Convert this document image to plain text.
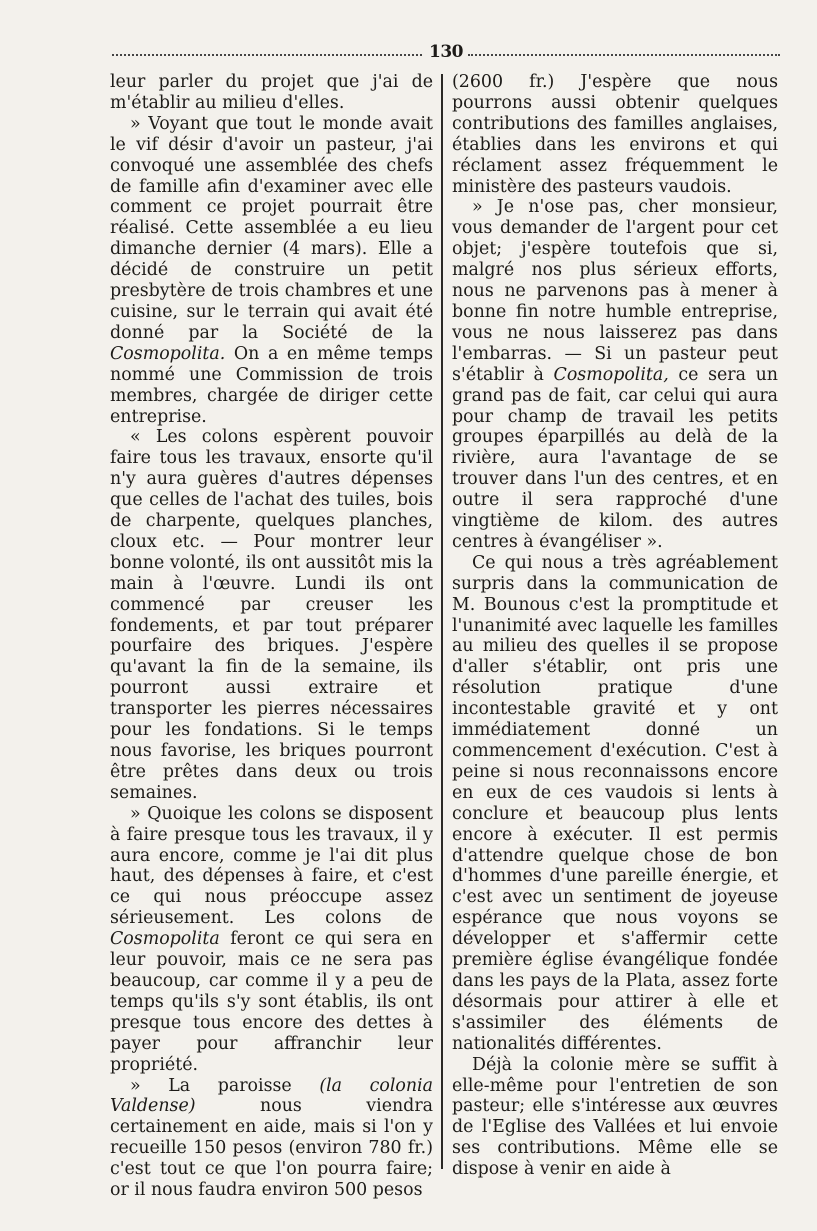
130

leur parler du projet que j'ai de m'établir au milieu d'elles.

» Voyant que tout le monde avait le vif désir d'avoir un pasteur, j'ai convoqué une assemblée des chefs de famille afin d'examiner avec elle comment ce projet pourrait être réalisé. Cette assemblée a eu lieu dimanche dernier (4 mars). Elle a décidé de construire un petit presbytère de trois chambres et une cuisine, sur le terrain qui avait été donné par la Société de la Cosmopolita. On a en même temps nommé une Commission de trois membres, chargée de diriger cette entreprise.

« Les colons espèrent pouvoir faire tous les travaux, ensorte qu'il n'y aura guères d'autres dépenses que celles de l'achat des tuiles, bois de charpente, quelques planches, cloux etc. — Pour montrer leur bonne volonté, ils ont aussitôt mis la main à l'œuvre. Lundi ils ont commencé par creuser les fondements, et par tout préparer pourfaire des briques. J'espère qu'avant la fin de la semaine, ils pourront aussi extraire et transporter les pierres nécessaires pour les fondations. Si le temps nous favorise, les briques pourront être prêtes dans deux ou trois semaines.

» Quoique les colons se disposent à faire presque tous les travaux, il y aura encore, comme je l'ai dit plus haut, des dépenses à faire, et c'est ce qui nous préoccupe assez sérieusement. Les colons de Cosmopolita feront ce qui sera en leur pouvoir, mais ce ne sera pas beaucoup, car comme il y a peu de temps qu'ils s'y sont établis, ils ont presque tous encore des dettes à payer pour affranchir leur propriété.

» La paroisse (la colonia Valdense) nous viendra certainement en aide, mais si l'on y recueille 150 pesos (environ 780 fr.) c'est tout ce que l'on pourra faire; or il nous faudra environ 500 pesos

(2600 fr.) J'espère que nous pourrons aussi obtenir quelques contributions des familles anglaises, établies dans les environs et qui réclament assez fréquemment le ministère des pasteurs vaudois.

» Je n'ose pas, cher monsieur, vous demander de l'argent pour cet objet; j'espère toutefois que si, malgré nos plus sérieux efforts, nous ne parvenons pas à mener à bonne fin notre humble entreprise, vous ne nous laisserez pas dans l'embarras. — Si un pasteur peut s'établir à Cosmopolita, ce sera un grand pas de fait, car celui qui aura pour champ de travail les petits groupes éparpillés au delà de la rivière, aura l'avantage de se trouver dans l'un des centres, et en outre il sera rapproché d'une vingtième de kilom. des autres centres à évangéliser ».

Ce qui nous a très agréablement surpris dans la communication de M. Bounous c'est la promptitude et l'unanimité avec laquelle les familles au milieu des quelles il se propose d'aller s'établir, ont pris une résolution pratique d'une incontestable gravité et y ont immédiatement donné un commencement d'exécution. C'est à peine si nous reconnaissons encore en eux de ces vaudois si lents à conclure et beaucoup plus lents encore à exécuter. Il est permis d'attendre quelque chose de bon d'hommes d'une pareille énergie, et c'est avec un sentiment de joyeuse espérance que nous voyons se développer et s'affermir cette première église évangélique fondée dans les pays de la Plata, assez forte désormais pour attirer à elle et s'assimiler des éléments de nationalités différentes.

Déjà la colonie mère se suffit à elle-même pour l'entretien de son pasteur; elle s'intéresse aux œuvres de l'Eglise des Vallées et lui envoie ses contributions. Même elle se dispose à venir en aide à
